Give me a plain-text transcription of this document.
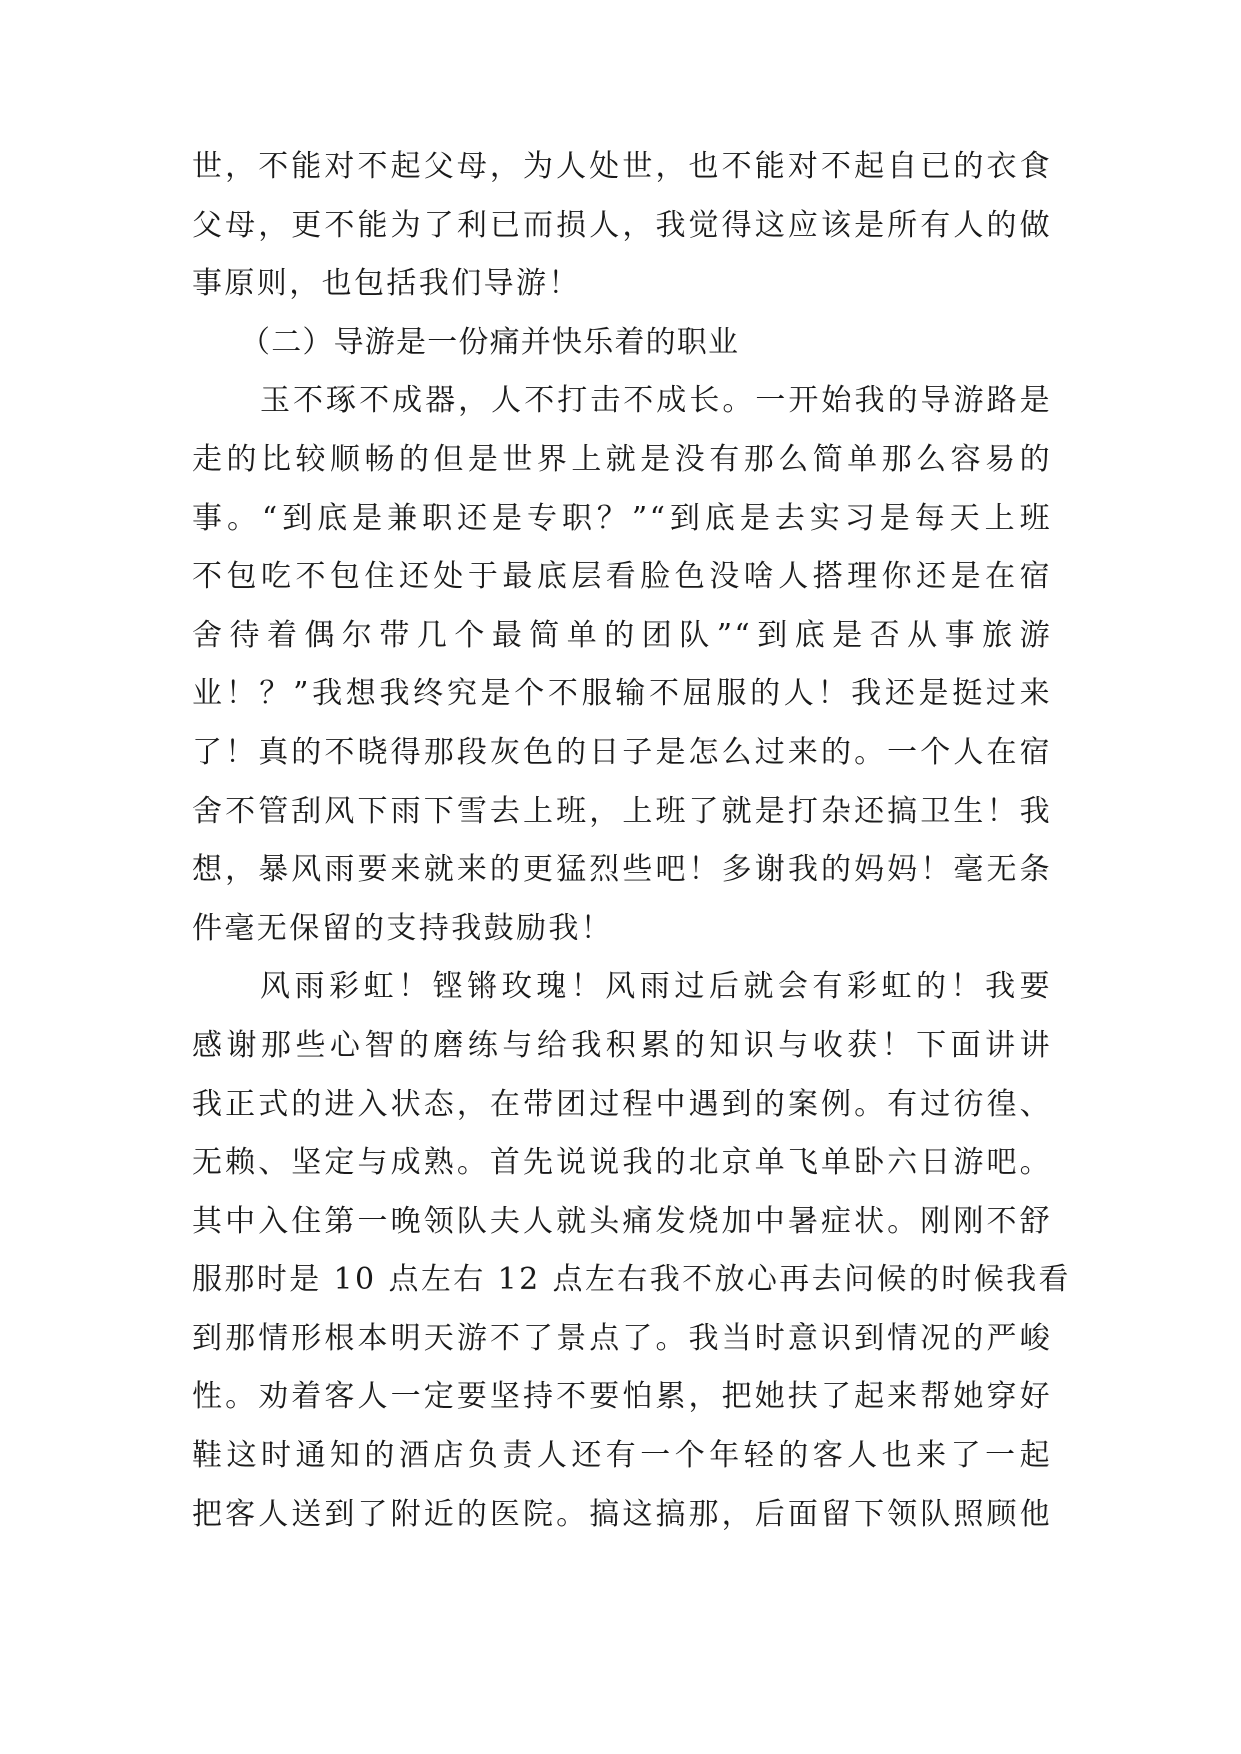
世，不能对不起父母，为人处世，也不能对不起自已的衣食
父母，更不能为了利已而损人，我觉得这应该是所有人的做
事原则，也包括我们导游！
（二）导游是一份痛并快乐着的职业
玉不琢不成器，人不打击不成长。一开始我的导游路是
走的比较顺畅的但是世界上就是没有那么简单那么容易的
事。“到底是兼职还是专职？”“到底是去实习是每天上班
不包吃不包住还处于最底层看脸色没啥人搭理你还是在宿
舍待着偶尔带几个最简单的团队”“到底是否从事旅游
业！？”我想我终究是个不服输不屈服的人！我还是挺过来
了！真的不晓得那段灰色的日子是怎么过来的。一个人在宿
舍不管刮风下雨下雪去上班，上班了就是打杂还搞卫生！我
想，暴风雨要来就来的更猛烈些吧！多谢我的妈妈！毫无条
件毫无保留的支持我鼓励我！
风雨彩虹！铿锵玫瑰！风雨过后就会有彩虹的！我要
感谢那些心智的磨练与给我积累的知识与收获！下面讲讲
我正式的进入状态，在带团过程中遇到的案例。有过彷徨、
无赖、坚定与成熟。首先说说我的北京单飞单卧六日游吧。
其中入住第一晚领队夫人就头痛发烧加中暑症状。刚刚不舒
服那时是 10 点左右 12 点左右我不放心再去问候的时候我看
到那情形根本明天游不了景点了。我当时意识到情况的严峻
性。劝着客人一定要坚持不要怕累，把她扶了起来帮她穿好
鞋这时通知的酒店负责人还有一个年轻的客人也来了一起
把客人送到了附近的医院。搞这搞那，后面留下领队照顾他
